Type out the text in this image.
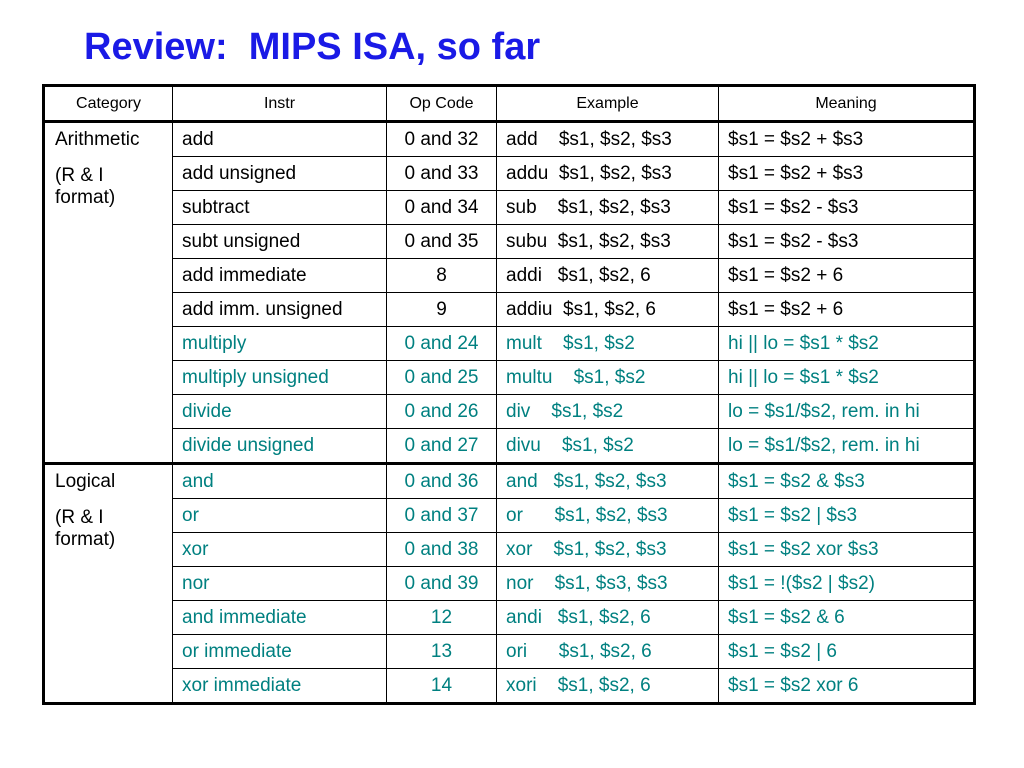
Review:  MIPS ISA, so far
Category	Instr	Op Code	Example	Meaning

Arithmetic
(R & I
format)	add	0 and 32	add    $s1, $s2, $s3	$s1 = $s2 + $s3
	add unsigned	0 and 33	addu  $s1, $s2, $s3	$s1 = $s2 + $s3
	subtract	0 and 34	sub    $s1, $s2, $s3	$s1 = $s2 - $s3
	subt unsigned	0 and 35	subu  $s1, $s2, $s3	$s1 = $s2 - $s3
	add immediate	8	addi   $s1, $s2, 6	$s1 = $s2 + 6
	add imm. unsigned	9	addiu  $s1, $s2, 6	$s1 = $s2 + 6
	multiply	0 and 24	mult    $s1, $s2	hi || lo = $s1 * $s2
	multiply unsigned	0 and 25	multu    $s1, $s2	hi || lo = $s1 * $s2
	divide	0 and 26	div    $s1, $s2	lo = $s1/$s2, rem. in hi
	divide unsigned	0 and 27	divu    $s1, $s2	lo = $s1/$s2, rem. in hi

Logical
(R & I
format)	and	0 and 36	and   $s1, $s2, $s3	$s1 = $s2 & $s3
	or	0 and 37	or      $s1, $s2, $s3	$s1 = $s2 | $s3
	xor	0 and 38	xor    $s1, $s2, $s3	$s1 = $s2 xor $s3
	nor	0 and 39	nor    $s1, $s3, $s3	$s1 = !($s2 | $s2)
	and immediate	12	andi   $s1, $s2, 6	$s1 = $s2 & 6
	or immediate	13	ori      $s1, $s2, 6	$s1 = $s2 | 6
	xor immediate	14	xori    $s1, $s2, 6	$s1 = $s2 xor 6
